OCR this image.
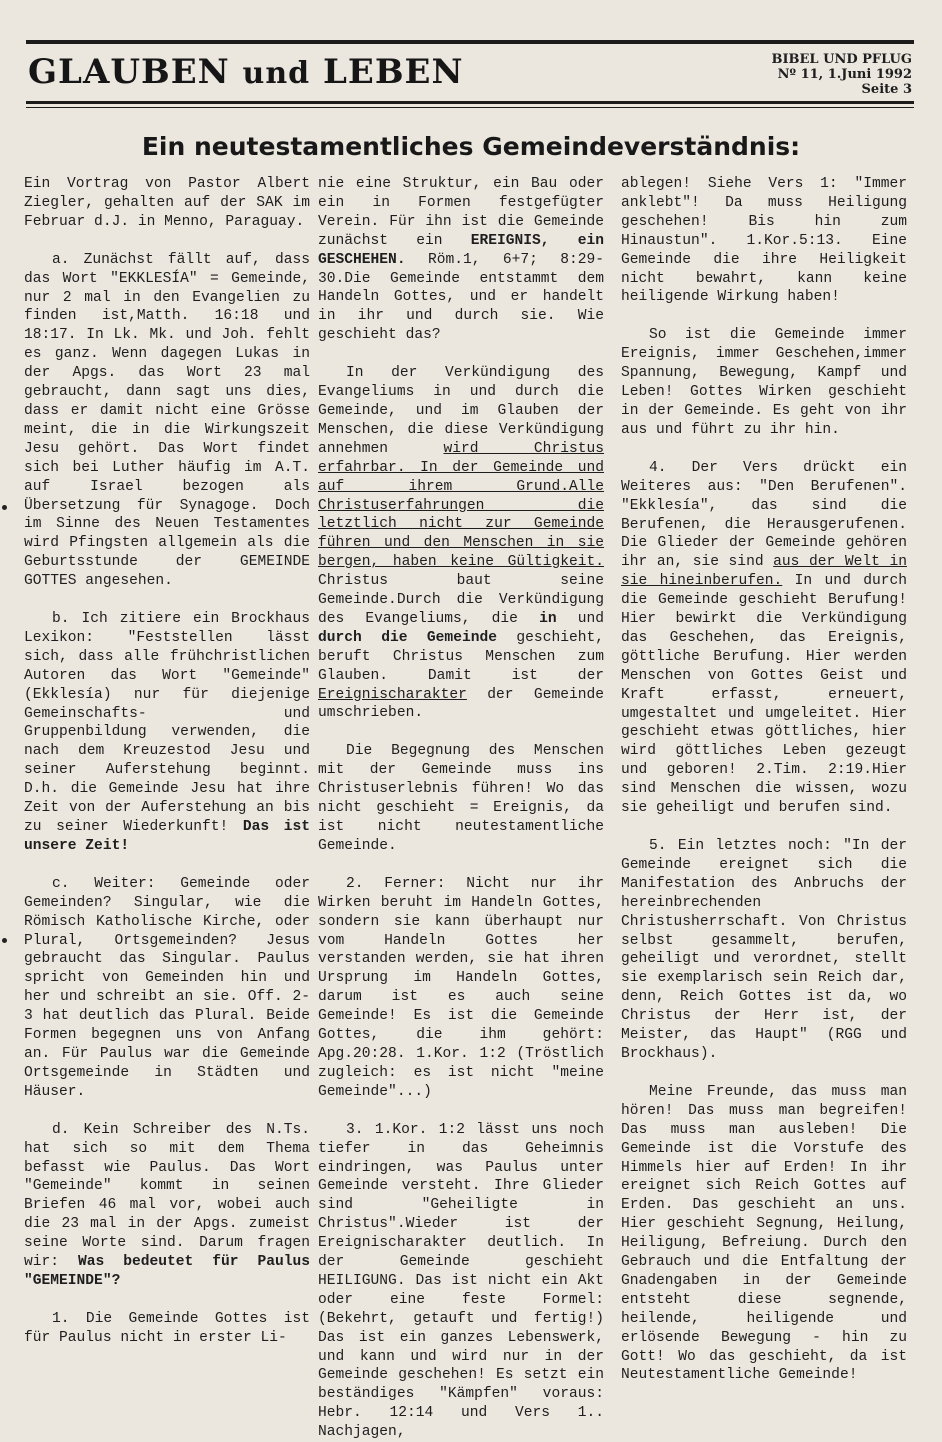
GLAUBEN und LEBEN	BIBEL UND PFLUG
Nº 11, 1.Juni 1992
Seite 3
Ein neutestamentliches Gemeindeverständnis:

Ein Vortrag von Pastor Albert Ziegler, gehalten auf der SAK im Februar d.J. in Menno, Paraguay.

a. Zunächst fällt auf, dass das Wort "EKKLESÍA" = Gemeinde, nur 2 mal in den Evangelien zu finden ist,Matth. 16:18 und 18:17. In Lk. Mk. und Joh. fehlt es ganz. Wenn dagegen Lukas in der Apgs. das Wort 23 mal gebraucht, dann sagt uns dies, dass er damit nicht eine Grösse meint, die in die Wirkungszeit Jesu gehört. Das Wort findet sich bei Luther häufig im A.T. auf Israel bezogen als Übersetzung für Synagoge. Doch im Sinne des Neuen Testamentes wird Pfingsten allgemein als die Geburtsstunde der GEMEINDE GOTTES angesehen.

b. Ich zitiere ein Brockhaus Lexikon: "Feststellen lässt sich, dass alle frühchristlichen Autoren das Wort "Gemeinde" (Ekklesía) nur für diejenige Gemeinschafts- und Gruppenbildung verwenden, die nach dem Kreuzestod Jesu und seiner Auferstehung beginnt. D.h. die Gemeinde Jesu hat ihre Zeit von der Auferstehung an bis zu seiner Wiederkunft! Das ist unsere Zeit!

c. Weiter: Gemeinde oder Gemeinden? Singular, wie die Römisch Katholische Kirche, oder Plural, Ortsgemeinden? Jesus gebraucht das Singular. Paulus spricht von Gemeinden hin und her und schreibt an sie. Off. 2-3 hat deutlich das Plural. Beide Formen begegnen uns von Anfang an. Für Paulus war die Gemeinde Ortsgemeinde in Städten und Häuser.

d. Kein Schreiber des N.Ts. hat sich so mit dem Thema befasst wie Paulus. Das Wort "Gemeinde" kommt in seinen Briefen 46 mal vor, wobei auch die 23 mal in der Apgs. zumeist seine Worte sind. Darum fragen wir: Was bedeutet für Paulus "GEMEINDE"?

1. Die Gemeinde Gottes ist für Paulus nicht in erster Li-

nie eine Struktur, ein Bau oder ein in Formen festgefügter Verein. Für ihn ist die Gemeinde zunächst ein EREIGNIS, ein GESCHEHEN. Röm.1, 6+7; 8:29-30.Die Gemeinde entstammt dem Handeln Gottes, und er handelt in ihr und durch sie. Wie geschieht das?

In der Verkündigung des Evangeliums in und durch die Gemeinde, und im Glauben der Menschen, die diese Verkündigung annehmen	wird Christus erfahrbar. In der Gemeinde und auf ihrem Grund.Alle Christuserfahrungen die letztlich nicht zur Gemeinde führen und den Menschen in sie bergen, haben keine Gültigkeit. Christus baut seine Gemeinde.Durch die Verkündigung des Evangeliums, die in und durch die Gemeinde geschieht, beruft Christus Menschen zum Glauben. Damit ist der Ereignischarakter der Gemeinde umschrieben.

Die Begegnung des Menschen mit der Gemeinde muss ins Christuserlebnis führen! Wo das nicht geschieht = Ereignis, da ist nicht neutestamentliche Gemeinde.

2. Ferner: Nicht nur ihr Wirken beruht im Handeln Gottes, sondern sie kann überhaupt nur vom Handeln Gottes her verstanden werden, sie hat ihren Ursprung im Handeln Gottes, darum ist es auch seine Gemeinde! Es ist die Gemeinde Gottes, die ihm gehört: Apg.20:28. 1.Kor. 1:2 (Tröstlich zugleich: es ist nicht "meine Gemeinde"...)

3. 1.Kor. 1:2 lässt uns noch tiefer in das Geheimnis eindringen, was Paulus unter Gemeinde versteht. Ihre Glieder sind "Geheiligte in Christus".Wieder ist der Ereignischarakter deutlich. In der Gemeinde geschieht HEILIGUNG. Das ist nicht ein Akt oder eine feste Formel: (Bekehrt, getauft und fertig!) Das ist ein ganzes Lebenswerk, und kann und wird nur in der Gemeinde geschehen! Es setzt ein beständiges "Kämpfen" voraus: Hebr. 12:14 und Vers 1.. Nachjagen,

ablegen! Siehe Vers 1: "Immer anklebt"! Da muss Heiligung geschehen! Bis hin zum Hinaustun". 1.Kor.5:13. Eine Gemeinde die ihre Heiligkeit nicht bewahrt, kann keine heiligende Wirkung haben!

So ist die Gemeinde immer Ereignis, immer Geschehen,immer Spannung, Bewegung, Kampf und Leben! Gottes Wirken geschieht in der Gemeinde. Es geht von ihr aus und führt zu ihr hin.

4. Der Vers drückt ein Weiteres aus: "Den Berufenen". "Ekklesía", das sind die Berufenen, die Herausgerufenen. Die Glieder der Gemeinde gehören ihr an, sie sind aus der Welt in sie hineinberufen. In und durch die Gemeinde geschieht Berufung! Hier bewirkt die Verkündigung das Geschehen, das Ereignis, göttliche Berufung. Hier werden Menschen von Gottes Geist und Kraft erfasst, erneuert, umgestaltet und umgeleitet. Hier geschieht etwas göttliches, hier wird göttliches Leben gezeugt und geboren! 2.Tim. 2:19.Hier sind Menschen die wissen, wozu sie geheiligt und berufen sind.

5. Ein letztes noch: "In der Gemeinde ereignet sich die Manifestation des Anbruchs der hereinbrechenden Christusherrschaft. Von Christus selbst gesammelt, berufen, geheiligt und verordnet, stellt sie exemplarisch sein Reich dar, denn, Reich Gottes ist da, wo Christus der Herr ist, der Meister, das Haupt" (RGG und Brockhaus).

Meine Freunde, das muss man hören! Das muss man begreifen! Das muss man ausleben! Die Gemeinde ist die Vorstufe des Himmels hier auf Erden! In ihr ereignet sich Reich Gottes auf Erden. Das geschieht an uns. Hier geschieht Segnung, Heilung, Heiligung, Befreiung. Durch den Gebrauch und die Entfaltung der Gnadengaben in der Gemeinde entsteht diese segnende, heilende, heiligende und erlösende Bewegung - hin zu Gott! Wo das geschieht, da ist Neutestamentliche Gemeinde!
